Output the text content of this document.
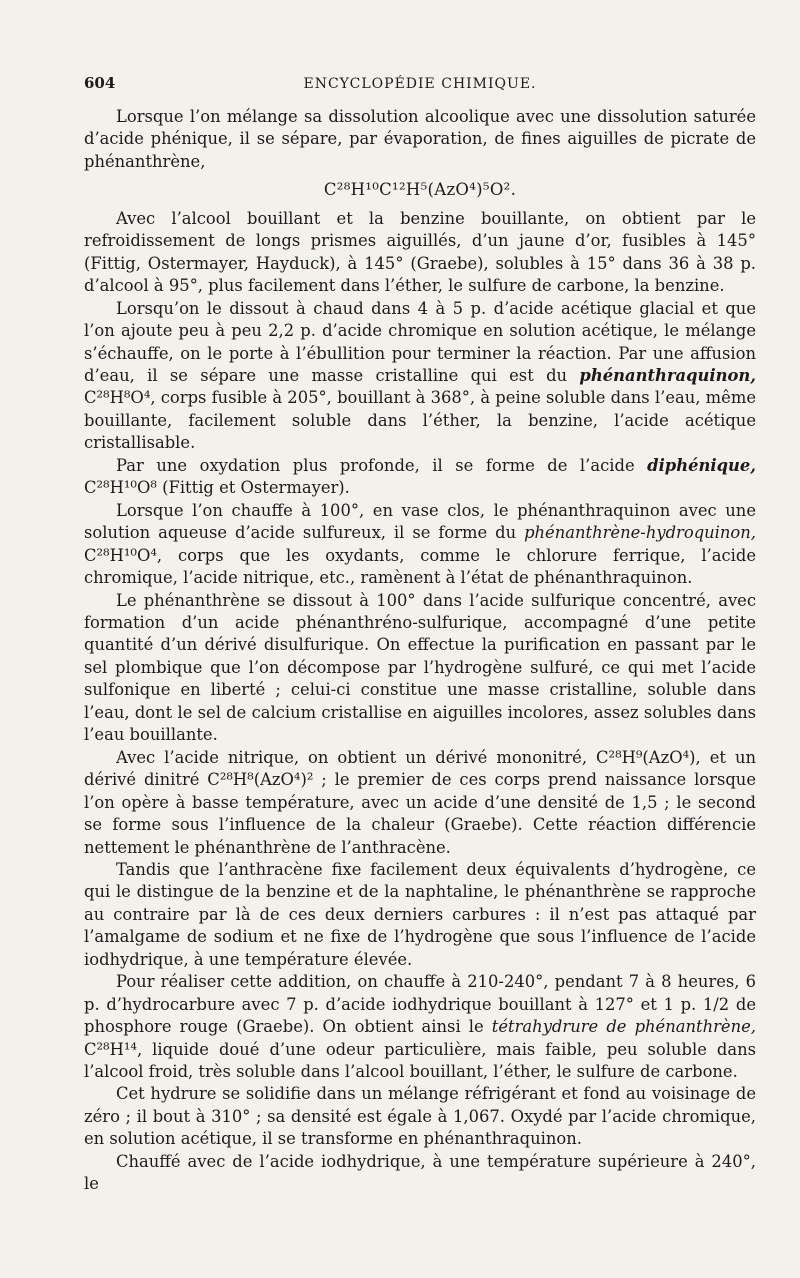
604	ENCYCLOPÉDIE CHIMIQUE.

Lorsque l’on mélange sa dissolution alcoolique avec une dissolution saturée d’acide phénique, il se sépare, par évaporation, de fines aiguilles de picrate de phénanthrène,

C²⁸H¹⁰C¹²H⁵(AzO⁴)⁵O².

Avec l’alcool bouillant et la benzine bouillante, on obtient par le refroidissement de longs prismes aiguillés, d’un jaune d’or, fusibles à 145° (Fittig, Ostermayer, Hayduck), à 145° (Graebe), solubles à 15° dans 36 à 38 p. d’alcool à 95°, plus facilement dans l’éther, le sulfure de carbone, la benzine.

Lorsqu’on le dissout à chaud dans 4 à 5 p. d’acide acétique glacial et que l’on ajoute peu à peu 2,2 p. d’acide chromique en solution acétique, le mélange s’échauffe, on le porte à l’ébullition pour terminer la réaction. Par une affusion d’eau, il se sépare une masse cristalline qui est du phénanthraquinon, C²⁸H⁸O⁴, corps fusible à 205°, bouillant à 368°, à peine soluble dans l’eau, même bouillante, facilement soluble dans l’éther, la benzine, l’acide acétique cristallisable.

Par une oxydation plus profonde, il se forme de l’acide diphénique, C²⁸H¹⁰O⁸ (Fittig et Ostermayer).

Lorsque l’on chauffe à 100°, en vase clos, le phénanthraquinon avec une solution aqueuse d’acide sulfureux, il se forme du phénanthrène-hydroquinon, C²⁸H¹⁰O⁴, corps que les oxydants, comme le chlorure ferrique, l’acide chromique, l’acide nitrique, etc., ramènent à l’état de phénanthraquinon.

Le phénanthrène se dissout à 100° dans l’acide sulfurique concentré, avec formation d’un acide phénanthréno-sulfurique, accompagné d’une petite quantité d’un dérivé disulfurique. On effectue la purification en passant par le sel plombique que l’on décompose par l’hydrogène sulfuré, ce qui met l’acide sulfonique en liberté ; celui-ci constitue une masse cristalline, soluble dans l’eau, dont le sel de calcium cristallise en aiguilles incolores, assez solubles dans l’eau bouillante.

Avec l’acide nitrique, on obtient un dérivé mononitré, C²⁸H⁹(AzO⁴), et un dérivé dinitré C²⁸H⁸(AzO⁴)² ; le premier de ces corps prend naissance lorsque l’on opère à basse température, avec un acide d’une densité de 1,5 ; le second se forme sous l’influence de la chaleur (Graebe). Cette réaction différencie nettement le phénanthrène de l’anthracène.

Tandis que l’anthracène fixe facilement deux équivalents d’hydrogène, ce qui le distingue de la benzine et de la naphtaline, le phénanthrène se rapproche au contraire par là de ces deux derniers carbures : il n’est pas attaqué par l’amalgame de sodium et ne fixe de l’hydrogène que sous l’influence de l’acide iodhydrique, à une température élevée.

Pour réaliser cette addition, on chauffe à 210-240°, pendant 7 à 8 heures, 6 p. d’hydrocarbure avec 7 p. d’acide iodhydrique bouillant à 127° et 1 p. 1/2 de phosphore rouge (Graebe). On obtient ainsi le tétrahydrure de phénanthrène, C²⁸H¹⁴, liquide doué d’une odeur particulière, mais faible, peu soluble dans l’alcool froid, très soluble dans l’alcool bouillant, l’éther, le sulfure de carbone.

Cet hydrure se solidifie dans un mélange réfrigérant et fond au voisinage de zéro ; il bout à 310° ; sa densité est égale à 1,067. Oxydé par l’acide chromique, en solution acétique, il se transforme en phénanthraquinon.

Chauffé avec de l’acide iodhydrique, à une température supérieure à 240°, le
